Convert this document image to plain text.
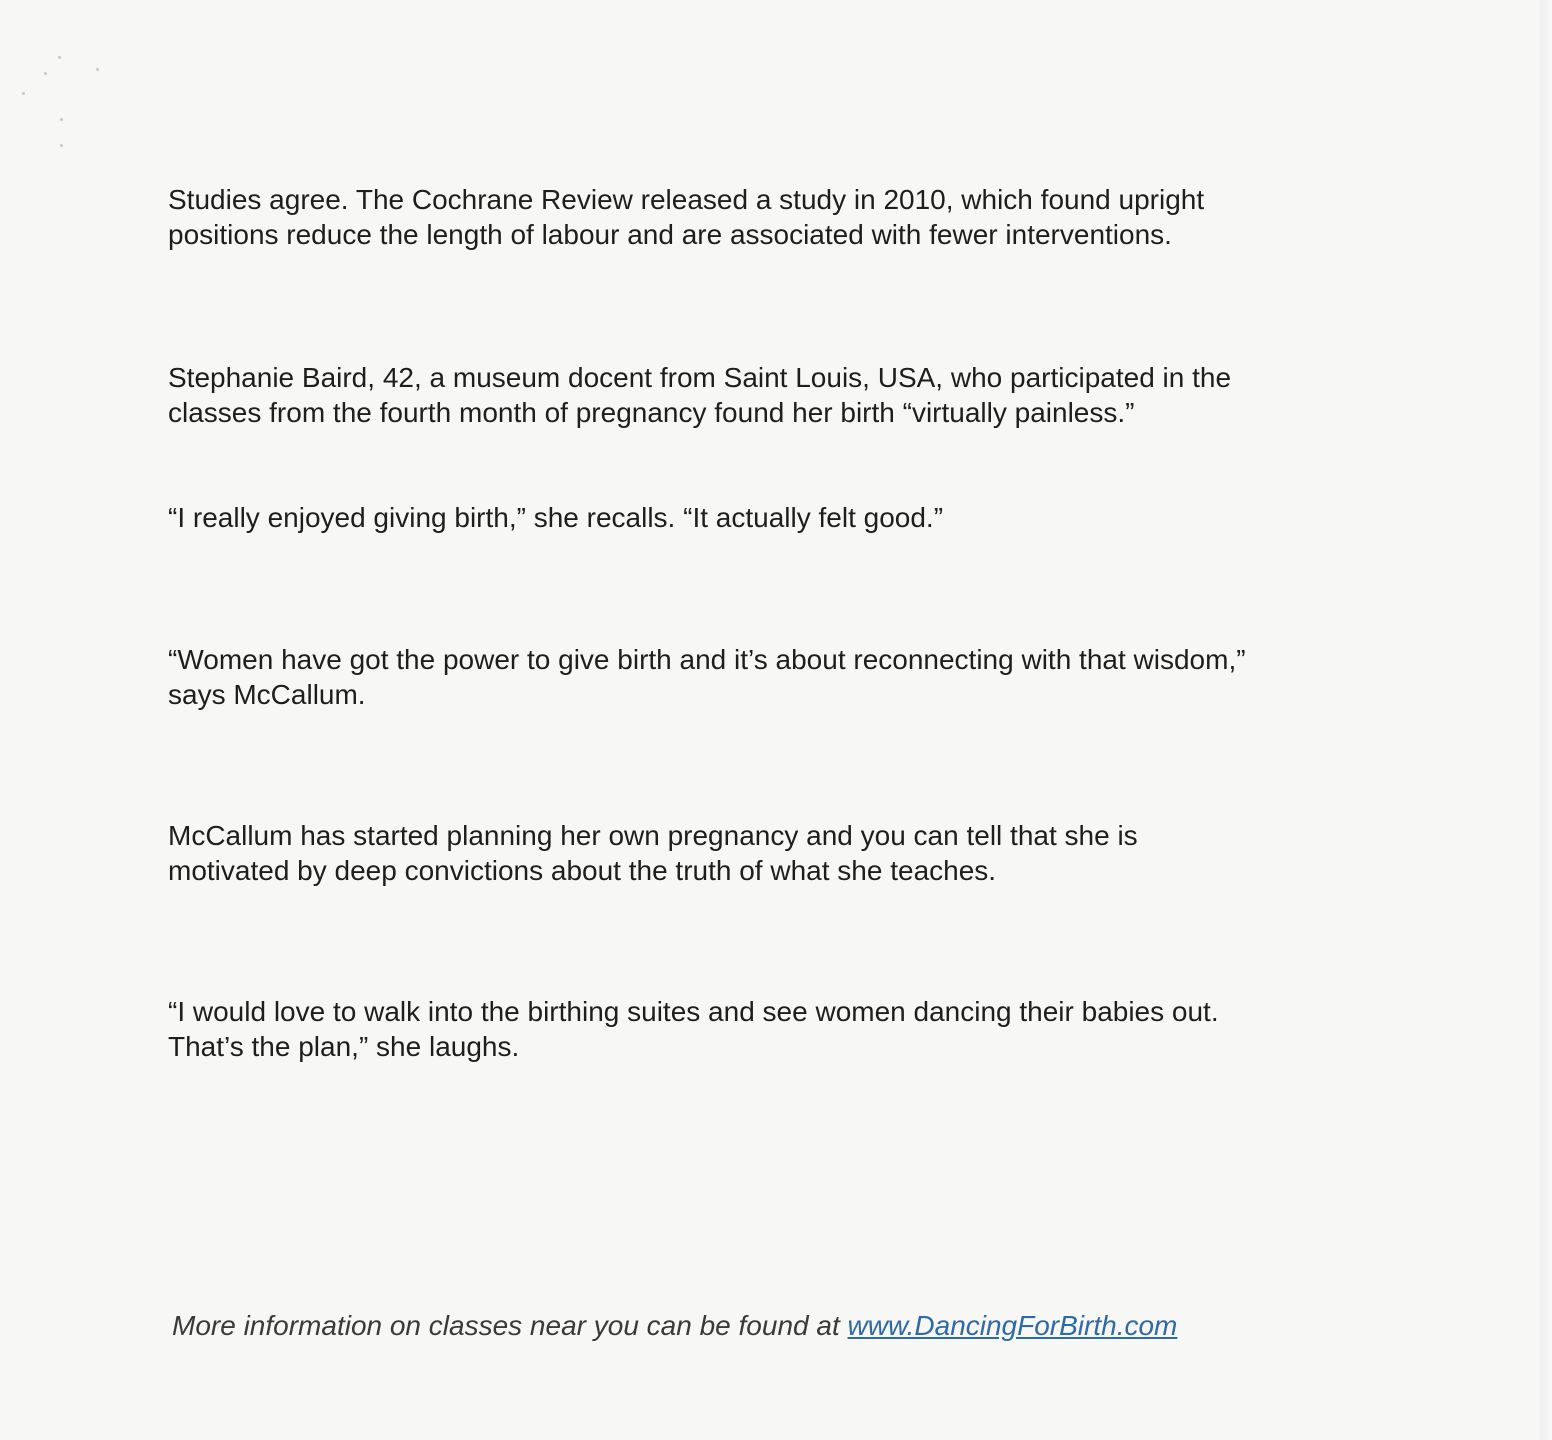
Studies agree. The Cochrane Review released a study in 2010, which found upright
positions reduce the length of labour and are associated with fewer interventions.

Stephanie Baird, 42, a museum docent from Saint Louis, USA, who participated in the
classes from the fourth month of pregnancy found her birth “virtually painless.”

“I really enjoyed giving birth,” she recalls. “It actually felt good.”

“Women have got the power to give birth and it’s about reconnecting with that wisdom,”
says McCallum.

McCallum has started planning her own pregnancy and you can tell that she is
motivated by deep convictions about the truth of what she teaches.

“I would love to walk into the birthing suites and see women dancing their babies out.
That’s the plan,” she laughs.

More information on classes near you can be found at www.DancingForBirth.com
